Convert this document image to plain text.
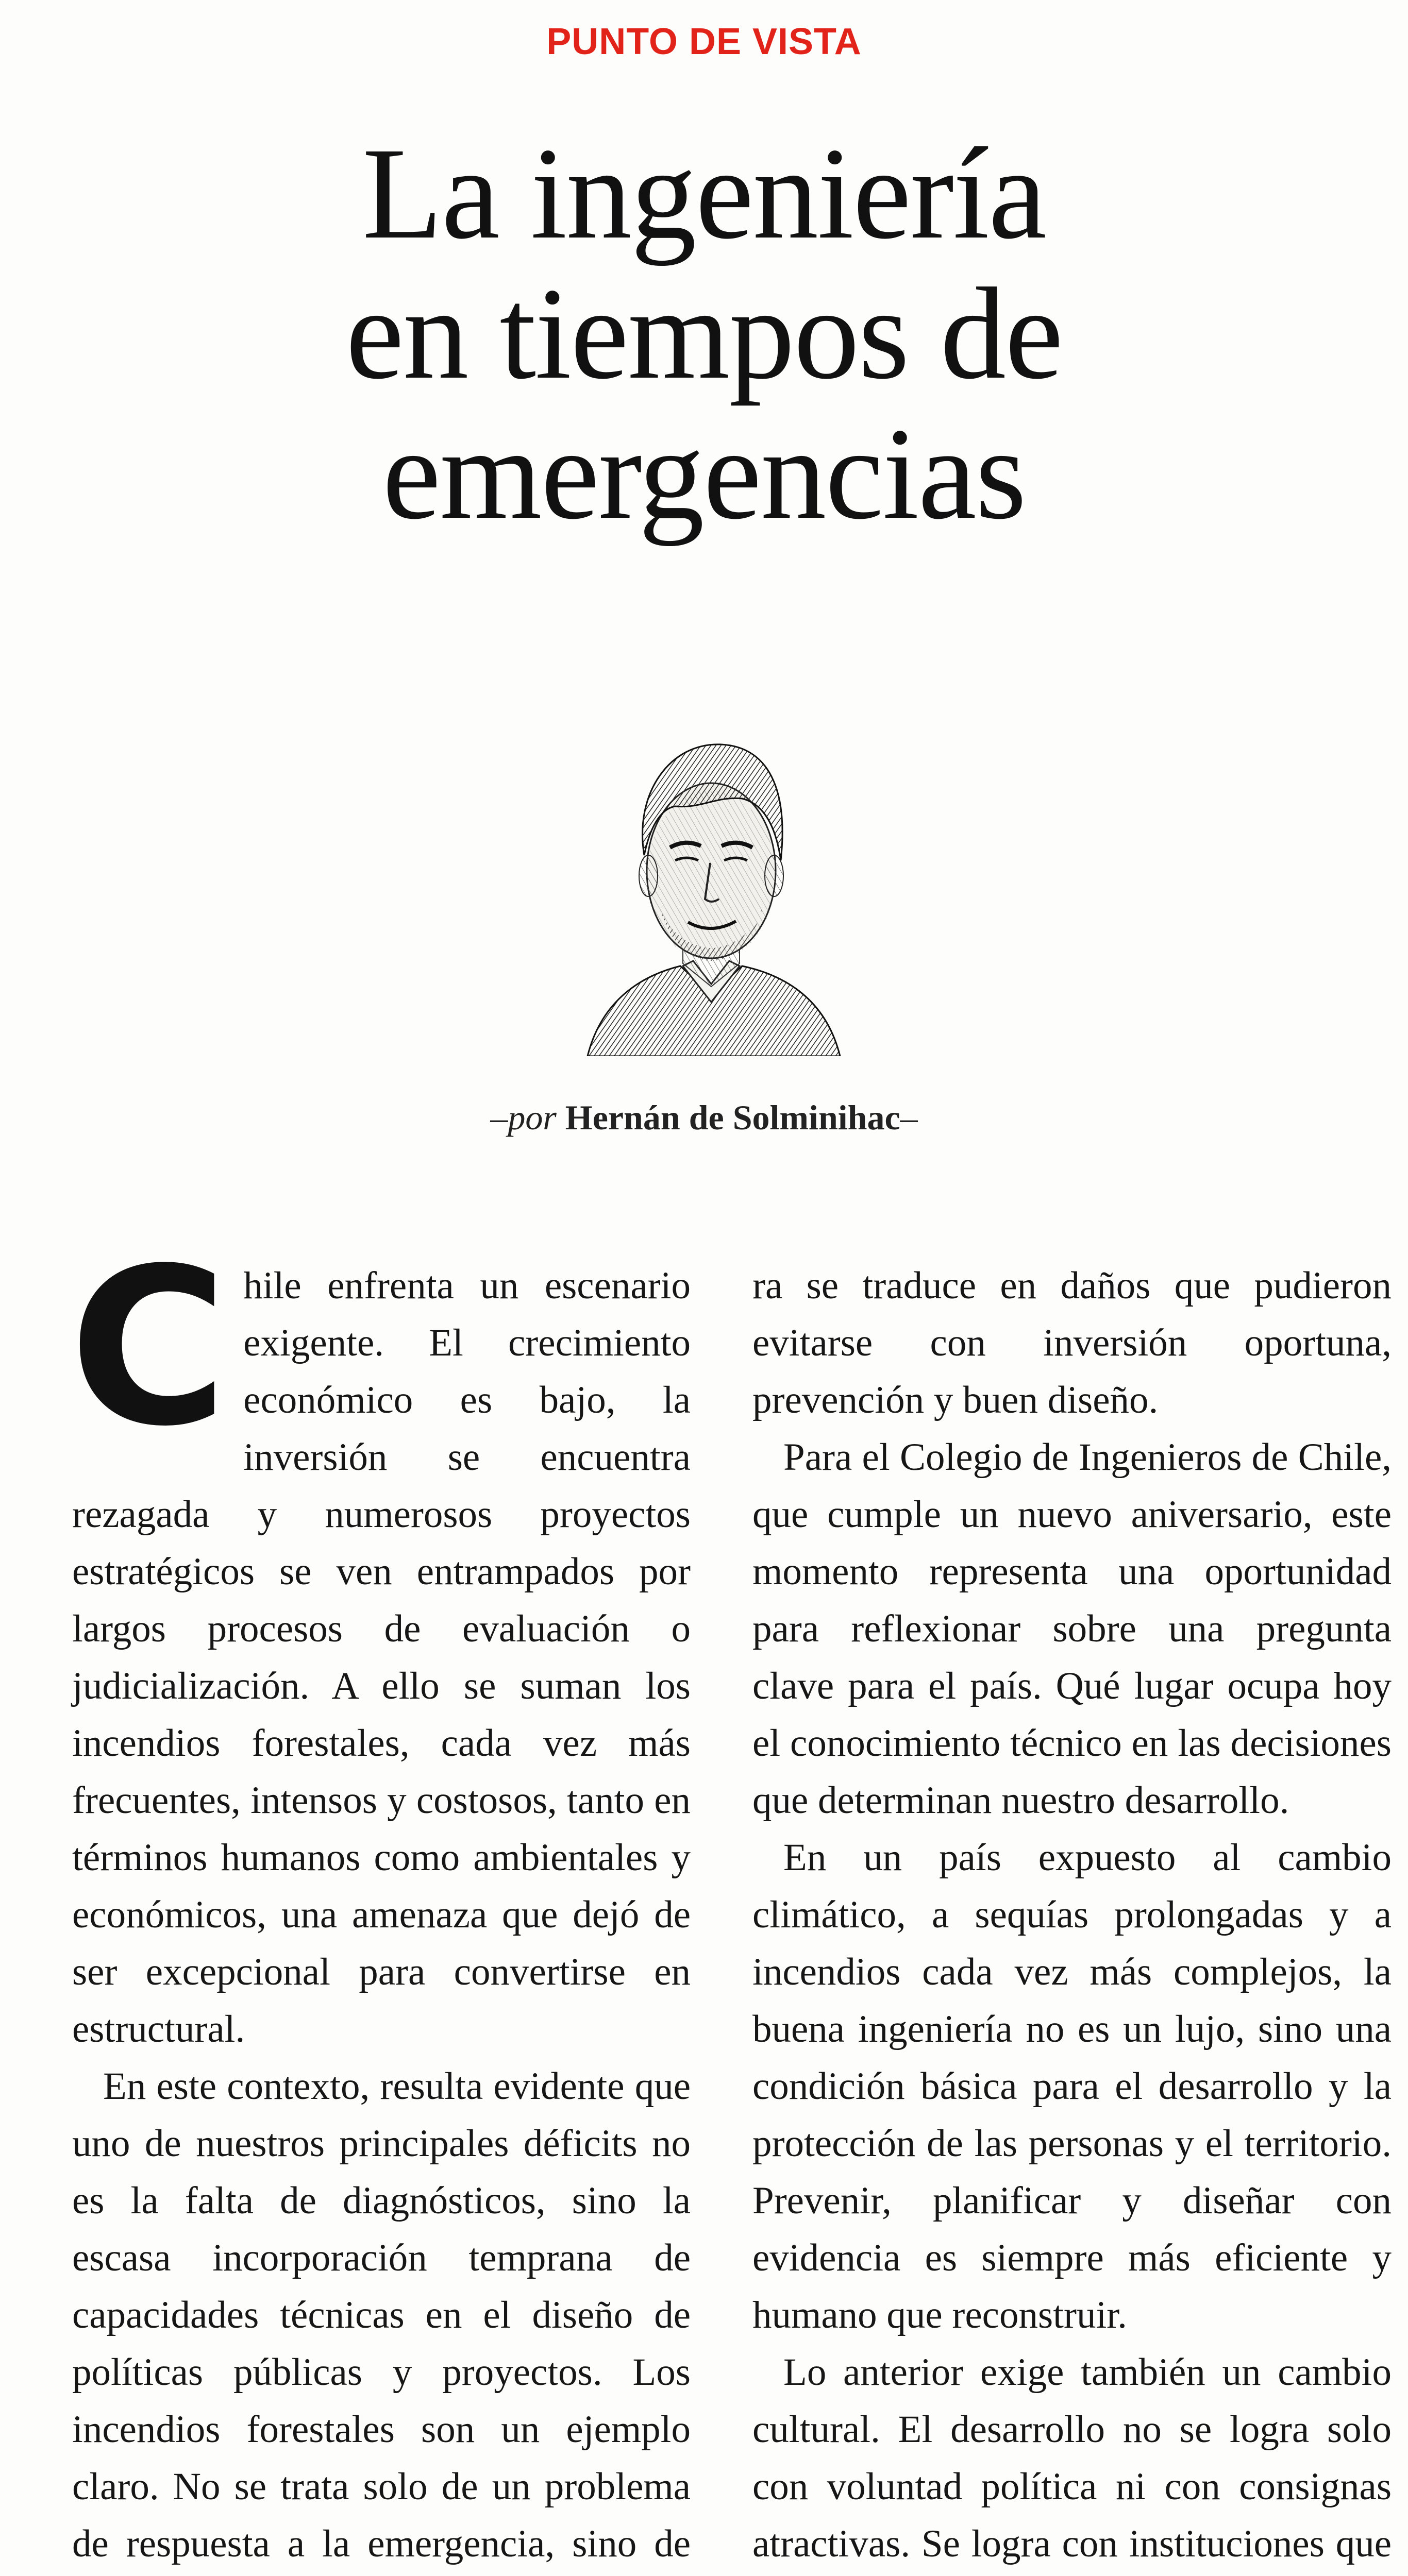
PUNTO DE VISTA
La ingeniería
en tiempos de
emergencias
–por Hernán de Solminihac–

Chile enfrenta un escenario exigente. El crecimiento económico es bajo, la inversión se encuentra rezagada y numerosos proyectos estratégicos se ven entrampados por largos procesos de evaluación o judicialización. A ello se suman los incendios forestales, cada vez más frecuentes, intensos y costosos, tanto en términos humanos como ambientales y económicos, una amenaza que dejó de ser excepcional para convertirse en estructural.

En este contexto, resulta evidente que uno de nuestros principales déficits no es la falta de diagnósticos, sino la escasa incorporación temprana de capacidades técnicas en el diseño de políticas públicas y proyectos. Los incendios forestales son un ejemplo claro. No se trata solo de un problema de respuesta a la emergencia, sino de

ra se traduce en daños que pudieron evitarse con inversión oportuna, prevención y buen diseño.

Para el Colegio de Ingenieros de Chile, que cumple un nuevo aniversario, este momento representa una oportunidad para reflexionar sobre una pregunta clave para el país. Qué lugar ocupa hoy el conocimiento técnico en las decisiones que determinan nuestro desarrollo.

En un país expuesto al cambio climático, a sequías prolongadas y a incendios cada vez más complejos, la buena ingeniería no es un lujo, sino una condición básica para el desarrollo y la protección de las personas y el territorio. Prevenir, planificar y diseñar con evidencia es siempre más eficiente y humano que reconstruir.

Lo anterior exige también un cambio cultural. El desarrollo no se logra solo con voluntad política ni con consignas atractivas. Se logra con instituciones que
